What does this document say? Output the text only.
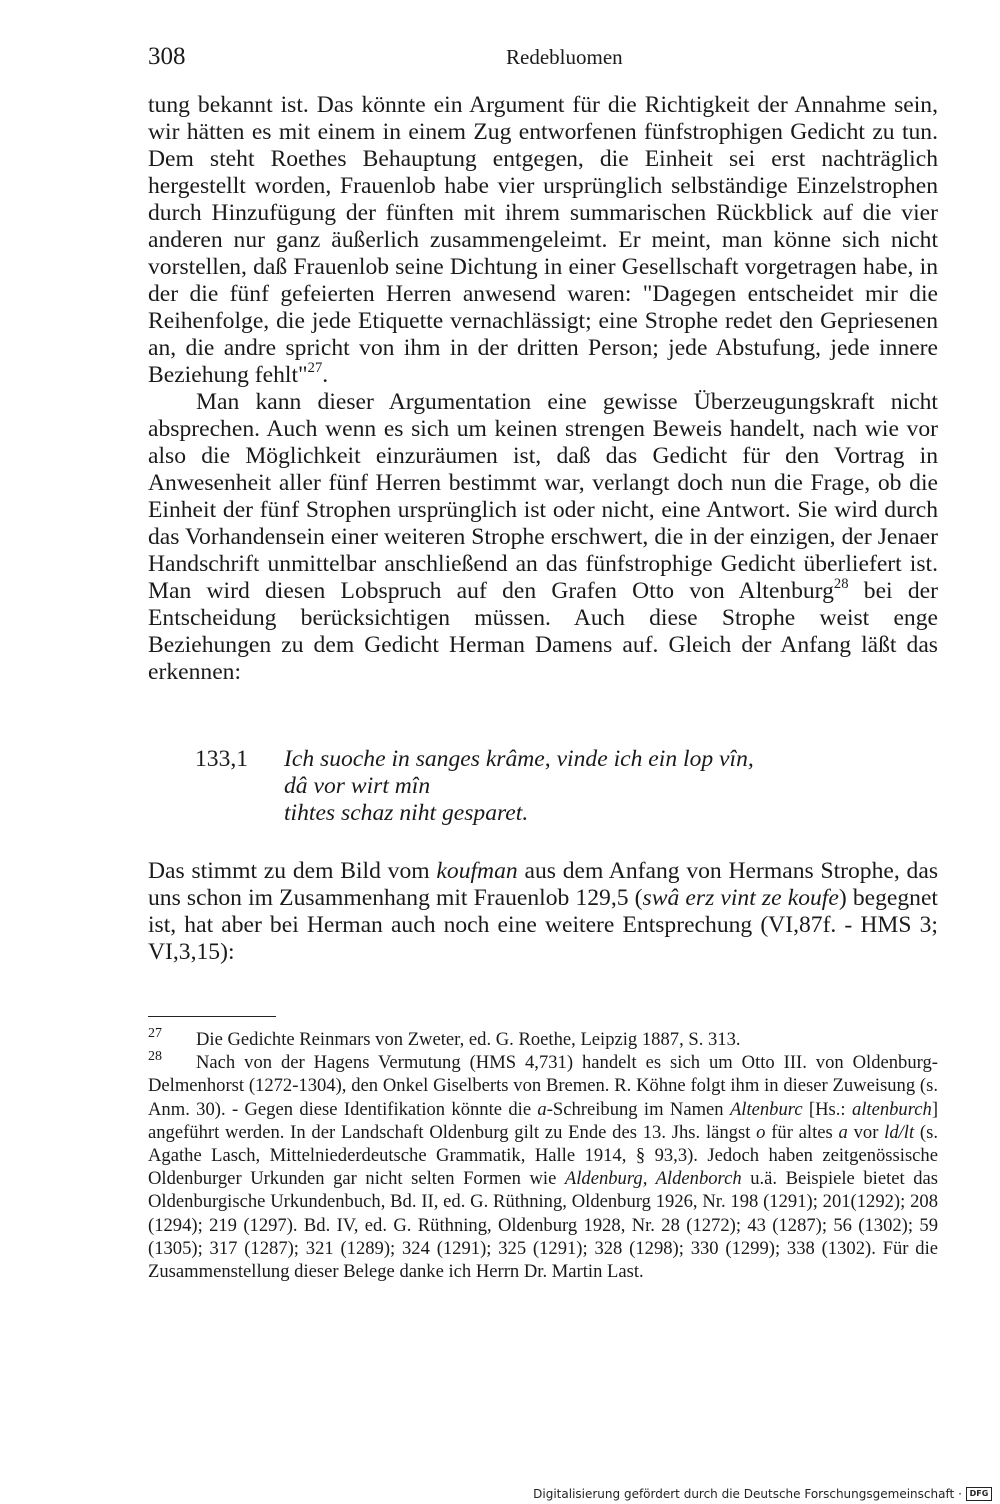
308	Redebluomen

tung bekannt ist. Das könnte ein Argument für die Richtigkeit der Annahme sein, wir hätten es mit einem in einem Zug entworfenen fünfstrophigen Gedicht zu tun. Dem steht Roethes Behauptung entgegen, die Einheit sei erst nachträglich hergestellt worden, Frauenlob habe vier ursprünglich selbständige Einzelstrophen durch Hinzufügung der fünften mit ihrem summarischen Rückblick auf die vier anderen nur ganz äußerlich zusammengeleimt. Er meint, man könne sich nicht vorstellen, daß Frauenlob seine Dichtung in einer Gesellschaft vorgetragen habe, in der die fünf gefeierten Herren anwesend waren: "Dagegen entscheidet mir die Reihenfolge, die jede Etiquette vernachlässigt; eine Strophe redet den Gepriesenen an, die andre spricht von ihm in der dritten Person; jede Abstufung, jede innere Beziehung fehlt"$^{27}$.

Man kann dieser Argumentation eine gewisse Überzeugungskraft nicht absprechen. Auch wenn es sich um keinen strengen Beweis handelt, nach wie vor also die Möglichkeit einzuräumen ist, daß das Gedicht für den Vortrag in Anwesenheit aller fünf Herren bestimmt war, verlangt doch nun die Frage, ob die Einheit der fünf Strophen ursprünglich ist oder nicht, eine Antwort. Sie wird durch das Vorhandensein einer weiteren Strophe erschwert, die in der einzigen, der Jenaer Handschrift unmittelbar anschließend an das fünfstrophige Gedicht überliefert ist. Man wird diesen Lobspruch auf den Grafen Otto von Altenburg$^{28}$ bei der Entscheidung berücksichtigen müssen. Auch diese Strophe weist enge Beziehungen zu dem Gedicht Herman Damens auf. Gleich der Anfang läßt das erkennen:

133,1 Ich suoche in sanges krâme, vinde ich ein lop vîn,
dâ vor wirt mîn
tihtes schaz niht gesparet.

Das stimmt zu dem Bild vom koufman aus dem Anfang von Hermans Strophe, das uns schon im Zusammenhang mit Frauenlob 129,5 (swâ erz vint ze koufe) begegnet ist, hat aber bei Herman auch noch eine weitere Entsprechung (VI,87f. - HMS 3; VI,3,15):

27 Die Gedichte Reinmars von Zweter, ed. G. Roethe, Leipzig 1887, S. 313.

28 Nach von der Hagens Vermutung (HMS 4,731) handelt es sich um Otto III. von Oldenburg-Delmenhorst (1272-1304), den Onkel Giselberts von Bremen. R. Köhne folgt ihm in dieser Zuweisung (s. Anm. 30). - Gegen diese Identifikation könnte die a-Schreibung im Namen Altenburc [Hs.: altenburch] angeführt werden. In der Landschaft Oldenburg gilt zu Ende des 13. Jhs. längst o für altes a vor ld/lt (s. Agathe Lasch, Mittelniederdeutsche Grammatik, Halle 1914, § 93,3). Jedoch haben zeitgenössische Oldenburger Urkunden gar nicht selten Formen wie Aldenburg, Aldenborch u.ä. Beispiele bietet das Oldenburgische Urkundenbuch, Bd. II, ed. G. Rüthning, Oldenburg 1926, Nr. 198 (1291); 201(1292); 208 (1294); 219 (1297). Bd. IV, ed. G. Rüthning, Oldenburg 1928, Nr. 28 (1272); 43 (1287); 56 (1302); 59 (1305); 317 (1287); 321 (1289); 324 (1291); 325 (1291); 328 (1298); 330 (1299); 338 (1302). Für die Zusammenstellung dieser Belege danke ich Herrn Dr. Martin Last.

Digitalisierung gefördert durch die Deutsche Forschungsgemeinschaft · DFG
